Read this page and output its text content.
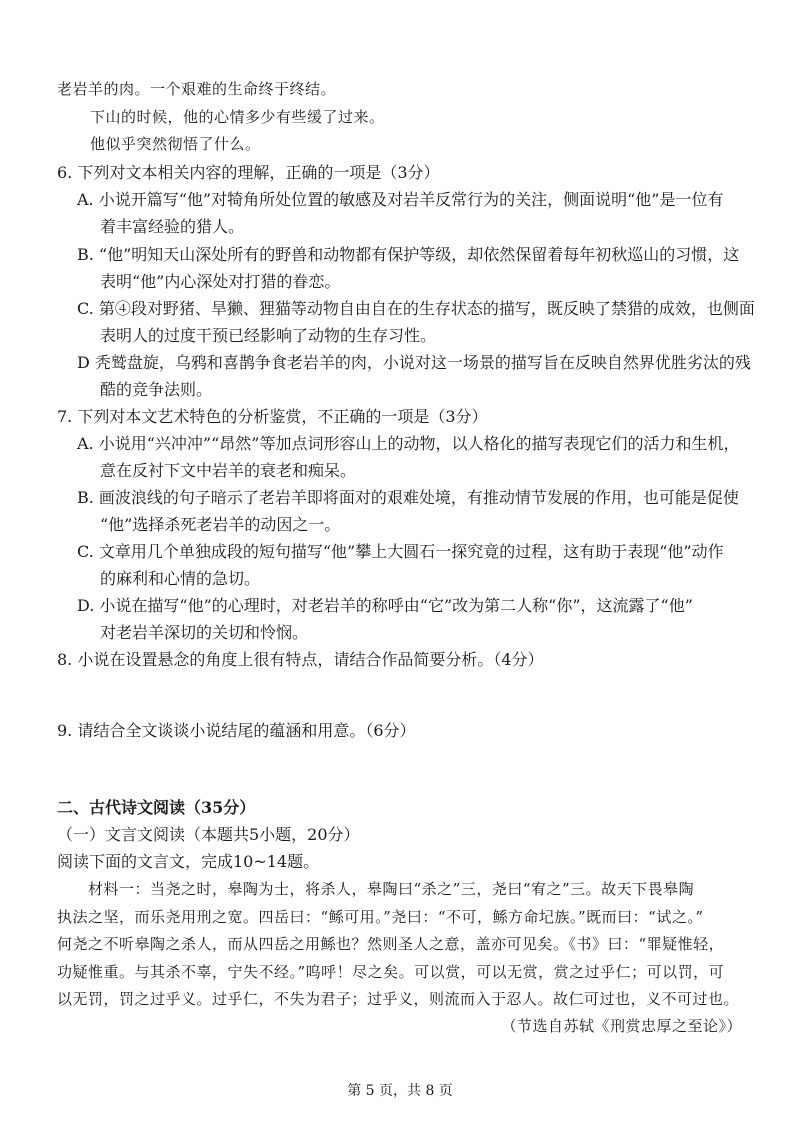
老岩羊的肉。一个艰难的生命终于终结。
下山的时候，他的心情多少有些缓了过来。
他似乎突然彻悟了什么。
6. 下列对文本相关内容的理解，正确的一项是（3分）
A. 小说开篇写“他”对犄角所处位置的敏感及对岩羊反常行为的关注，侧面说明“他”是一位有
着丰富经验的猎人。
B. “他”明知天山深处所有的野兽和动物都有保护等级，却依然保留着每年初秋巡山的习惯，这
表明“他”内心深处对打猎的眷恋。
C. 第④段对野猪、旱獭、狸猫等动物自由自在的生存状态的描写，既反映了禁猎的成效，也侧面
表明人的过度干预已经影响了动物的生存习性。
D 秃鹫盘旋，乌鸦和喜鹊争食老岩羊的肉，小说对这一场景的描写旨在反映自然界优胜劣汰的残
酷的竞争法则。
7. 下列对本文艺术特色的分析鉴赏，不正确的一项是（3分）
A. 小说用“兴冲冲”“昂然”等加点词形容山上的动物，以人格化的描写表现它们的活力和生机，
意在反衬下文中岩羊的衰老和痴呆。
B. 画波浪线的句子暗示了老岩羊即将面对的艰难处境，有推动情节发展的作用，也可能是促使
“他”选择杀死老岩羊的动因之一。
C. 文章用几个单独成段的短句描写“他”攀上大圆石一探究竟的过程，这有助于表现“他”动作
的麻利和心情的急切。
D. 小说在描写“他”的心理时，对老岩羊的称呼由“它”改为第二人称“你”，这流露了“他”
对老岩羊深切的关切和怜悯。
8. 小说在设置悬念的角度上很有特点，请结合作品简要分析。（4分）
9. 请结合全文谈谈小说结尾的蕴涵和用意。（6分）
二、古代诗文阅读（35分）
（一）文言文阅读（本题共5小题，20分）
阅读下面的文言文，完成10~14题。
材料一：当尧之时，皋陶为士，将杀人，皋陶曰“杀之”三，尧曰“宥之”三。故天下畏皋陶
执法之坚，而乐尧用刑之宽。四岳曰：“鲧可用。”尧曰：“不可，鲧方命圮族。”既而曰：“试之。”
何尧之不听皋陶之杀人，而从四岳之用鲧也？然则圣人之意，盖亦可见矣。《书》曰：“罪疑惟轻，
功疑惟重。与其杀不辜，宁失不经。”呜呼！尽之矣。可以赏，可以无赏，赏之过乎仁；可以罚，可
以无罚，罚之过乎义。过乎仁，不失为君子；过乎义，则流而入于忍人。故仁可过也，义不可过也。
（节选自苏轼《刑赏忠厚之至论》）
第 5 页，共 8 页
